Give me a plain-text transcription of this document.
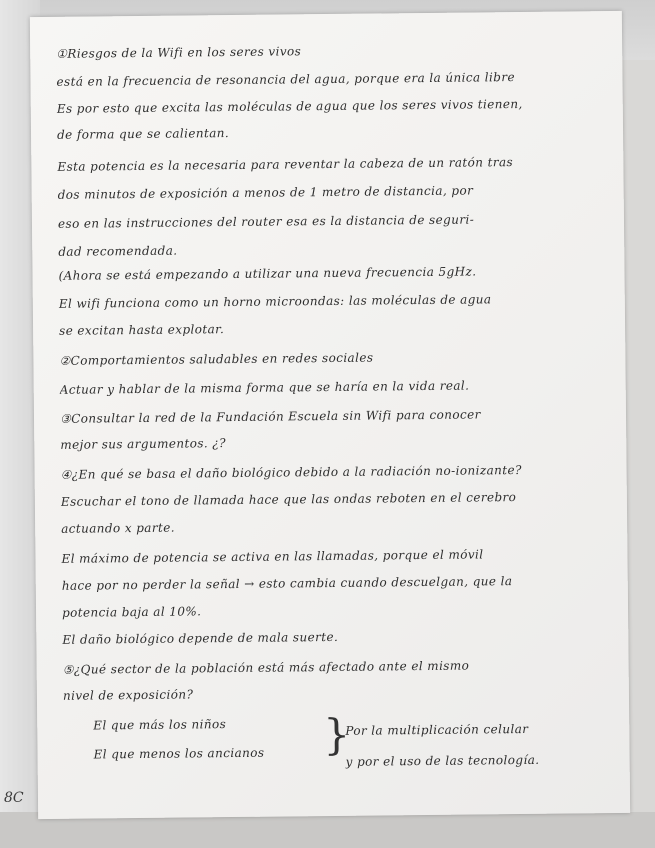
8C
①Riesgos de la Wifi en los seres vivos
está en la frecuencia de resonancia del agua, porque era la única libre
Es por esto que excita las moléculas de agua que los seres vivos tienen,
de forma que se calientan.
Esta potencia es la necesaria para reventar la cabeza de un ratón tras
dos minutos de exposición a menos de 1 metro de distancia, por
eso en las instrucciones del router esa es la distancia de seguri-
dad recomendada.
(Ahora se está empezando a utilizar una nueva frecuencia 5gHz.
El wifi funciona como un horno microondas: las moléculas de agua
se excitan hasta explotar.
②Comportamientos saludables en redes sociales
Actuar y hablar de la misma forma que se haría en la vida real.
③Consultar la red de la Fundación Escuela sin Wifi para conocer
mejor sus argumentos. ¿?
④¿En qué se basa el daño biológico debido a la radiación no-ionizante?
Escuchar el tono de llamada hace que las ondas reboten en el cerebro
actuando x parte.
El máximo de potencia se activa en las llamadas, porque el móvil
hace por no perder la señal → esto cambia cuando descuelgan, que la
potencia baja al 10%.
El daño biológico depende de mala suerte.
⑤¿Qué sector de la población está más afectado ante el mismo
nivel de exposición?
El que más los niños
El que menos los ancianos	}
Por la multiplicación celular
y por el uso de las tecnología.
